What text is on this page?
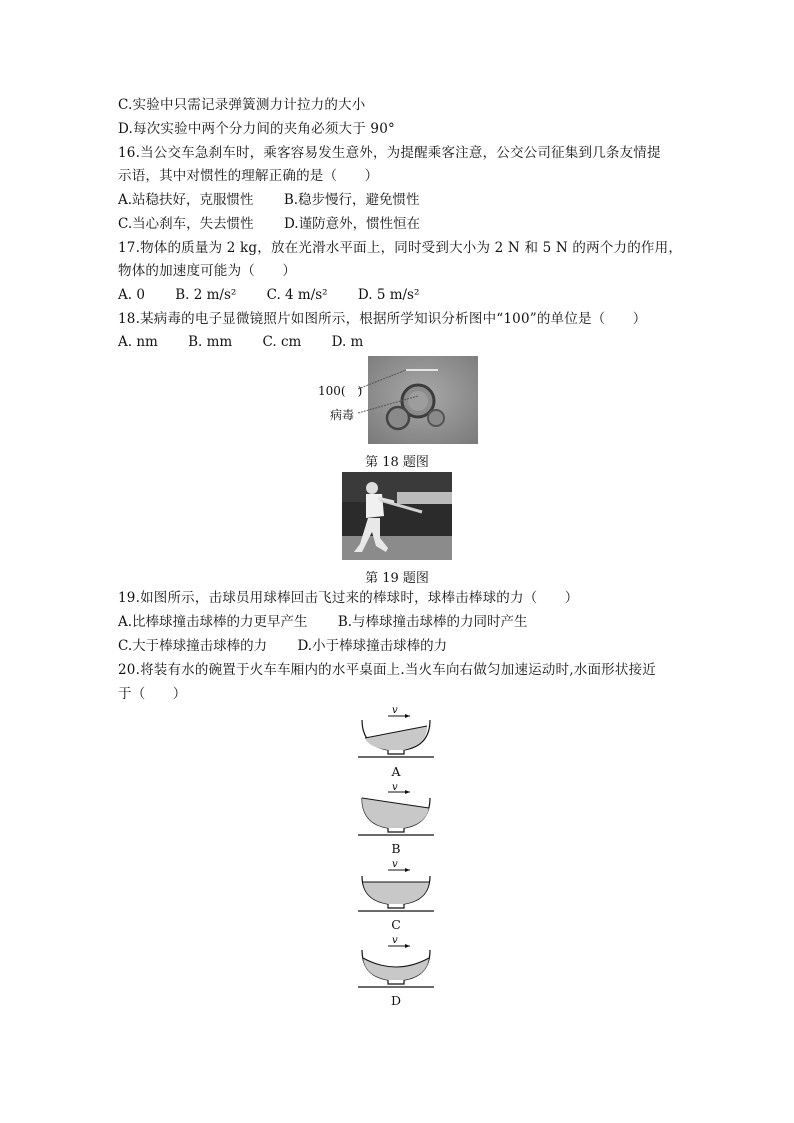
C.实验中只需记录弹簧测力计拉力的大小
D.每次实验中两个分力间的夹角必须大于 90°
16.当公交车急刹车时，乘客容易发生意外，为提醒乘客注意，公交公司征集到几条友情提
示语，其中对惯性的理解正确的是（　　）
A.站稳扶好，克服惯性 B.稳步慢行，避免惯性
C.当心刹车，失去惯性 D.谨防意外，惯性恒在
17.物体的质量为 2 kg，放在光滑水平面上，同时受到大小为 2 N 和 5 N 的两个力的作用，
物体的加速度可能为（　　）
A. 0 B. 2 m/s² C. 4 m/s² D. 5 m/s²
18.某病毒的电子显微镜照片如图所示，根据所学知识分析图中“100”的单位是（　　）
A. nm B. mm C. cm D. m
100(　)
病毒
第 18 题图
第 19 题图
19.如图所示，击球员用球棒回击飞过来的棒球时，球棒击棒球的力（　　）
A.比棒球撞击球棒的力更早产生 B.与棒球撞击球棒的力同时产生
C.大于棒球撞击球棒的力 D.小于棒球撞击球棒的力
20.将装有水的碗置于火车车厢内的水平桌面上.当火车向右做匀加速运动时,水面形状接近
于（　　）
v
A
v
B
v
C
v
D
